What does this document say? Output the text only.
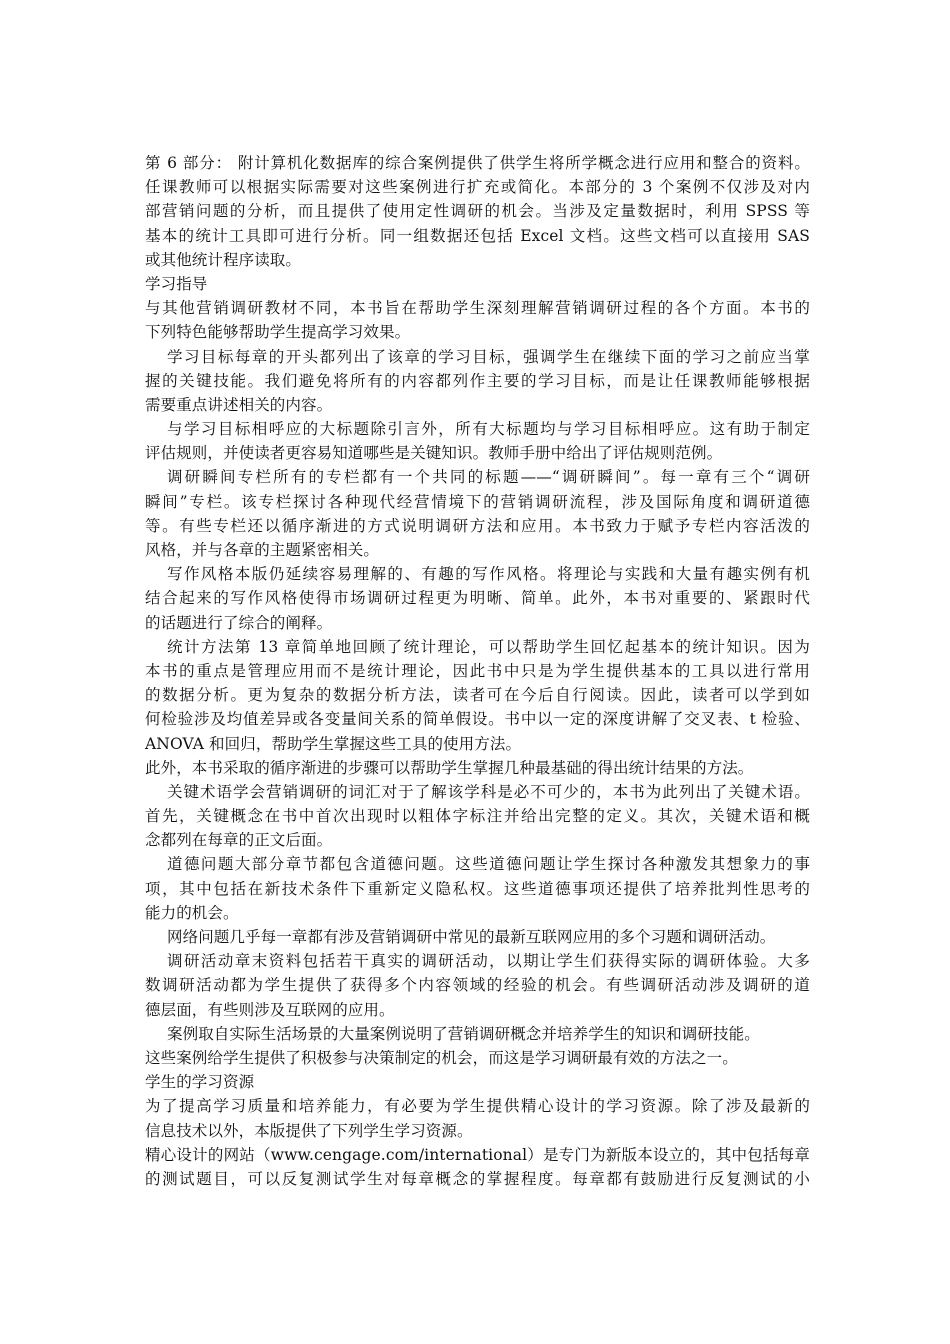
第 6 部分： 附计算机化数据库的综合案例提供了供学生将所学概念进行应用和整合的资料。
任课教师可以根据实际需要对这些案例进行扩充或简化。本部分的 3 个案例不仅涉及对内
部营销问题的分析，而且提供了使用定性调研的机会。当涉及定量数据时，利用 SPSS 等
基本的统计工具即可进行分析。同一组数据还包括 Excel 文档。这些文档可以直接用 SAS
或其他统计程序读取。
学习指导
与其他营销调研教材不同，本书旨在帮助学生深刻理解营销调研过程的各个方面。本书的
下列特色能够帮助学生提高学习效果。
学习目标每章的开头都列出了该章的学习目标，强调学生在继续下面的学习之前应当掌
握的关键技能。我们避免将所有的内容都列作主要的学习目标，而是让任课教师能够根据
需要重点讲述相关的内容。
与学习目标相呼应的大标题除引言外，所有大标题均与学习目标相呼应。这有助于制定
评估规则，并使读者更容易知道哪些是关键知识。教师手册中给出了评估规则范例。
调研瞬间专栏所有的专栏都有一个共同的标题——“调研瞬间”。每一章有三个“调研
瞬间”专栏。该专栏探讨各种现代经营情境下的营销调研流程，涉及国际角度和调研道德
等。有些专栏还以循序渐进的方式说明调研方法和应用。本书致力于赋予专栏内容活泼的
风格，并与各章的主题紧密相关。
写作风格本版仍延续容易理解的、有趣的写作风格。将理论与实践和大量有趣实例有机
结合起来的写作风格使得市场调研过程更为明晰、简单。此外，本书对重要的、紧跟时代
的话题进行了综合的阐释。
统计方法第 13 章简单地回顾了统计理论，可以帮助学生回忆起基本的统计知识。因为
本书的重点是管理应用而不是统计理论，因此书中只是为学生提供基本的工具以进行常用
的数据分析。更为复杂的数据分析方法，读者可在今后自行阅读。因此，读者可以学到如
何检验涉及均值差异或各变量间关系的简单假设。书中以一定的深度讲解了交叉表、t 检验、
ANOVA 和回归，帮助学生掌握这些工具的使用方法。
此外，本书采取的循序渐进的步骤可以帮助学生掌握几种最基础的得出统计结果的方法。
关键术语学会营销调研的词汇对于了解该学科是必不可少的，本书为此列出了关键术语。
首先，关键概念在书中首次出现时以粗体字标注并给出完整的定义。其次，关键术语和概
念都列在每章的正文后面。
道德问题大部分章节都包含道德问题。这些道德问题让学生探讨各种激发其想象力的事
项，其中包括在新技术条件下重新定义隐私权。这些道德事项还提供了培养批判性思考的
能力的机会。
网络问题几乎每一章都有涉及营销调研中常见的最新互联网应用的多个习题和调研活动。
调研活动章末资料包括若干真实的调研活动，以期让学生们获得实际的调研体验。大多
数调研活动都为学生提供了获得多个内容领域的经验的机会。有些调研活动涉及调研的道
德层面，有些则涉及互联网的应用。
案例取自实际生活场景的大量案例说明了营销调研概念并培养学生的知识和调研技能。
这些案例给学生提供了积极参与决策制定的机会，而这是学习调研最有效的方法之一。
学生的学习资源
为了提高学习质量和培养能力，有必要为学生提供精心设计的学习资源。除了涉及最新的
信息技术以外，本版提供了下列学生学习资源。
精心设计的网站（www.cengage.com/international）是专门为新版本设立的，其中包括每章
的测试题目，可以反复测试学生对每章概念的掌握程度。每章都有鼓励进行反复测试的小
